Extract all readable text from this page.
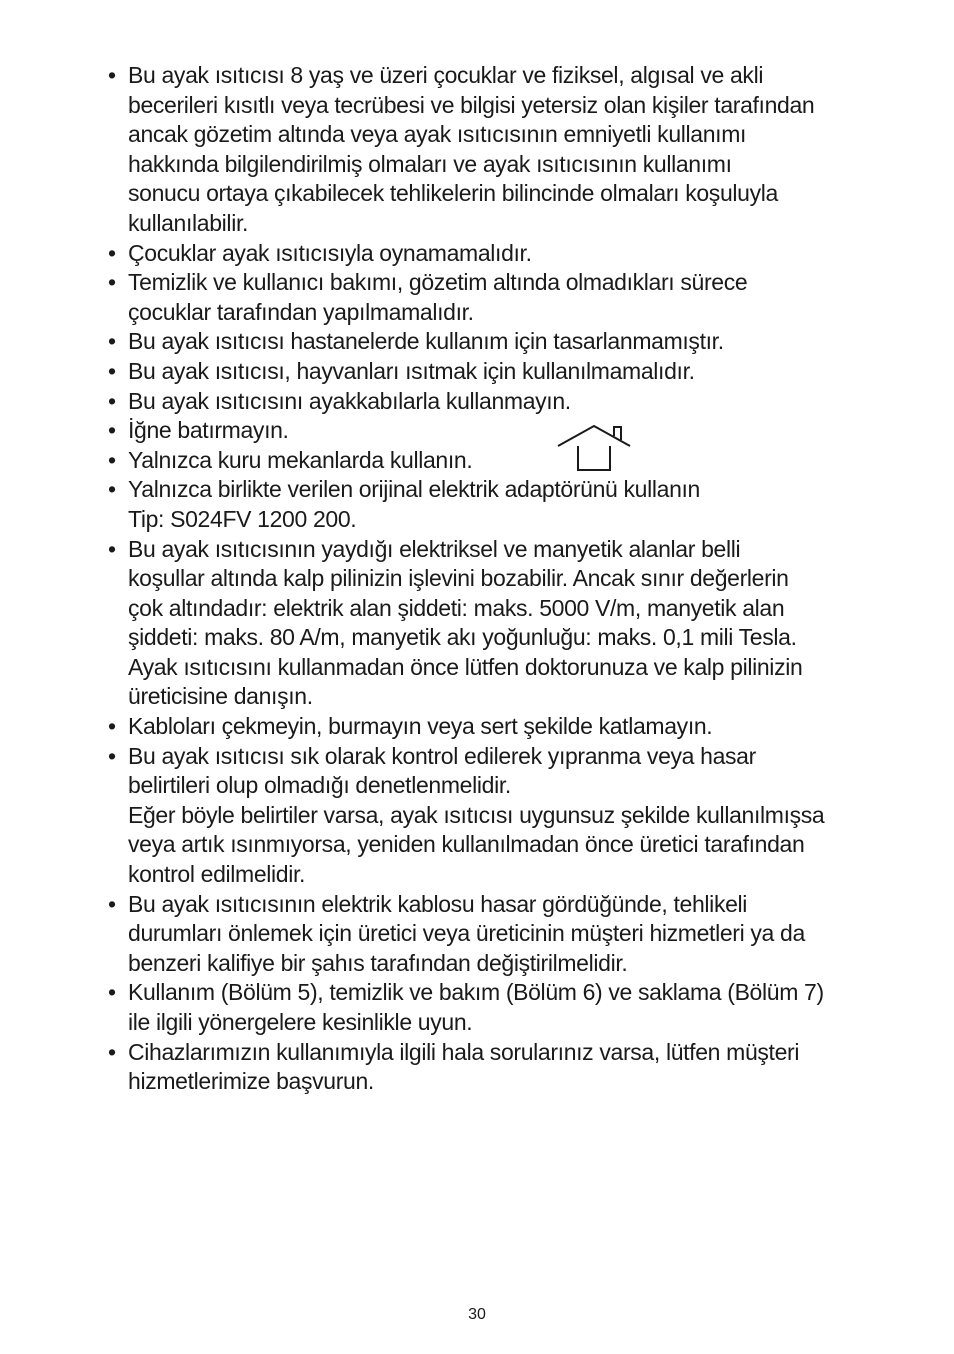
• Bu ayak ısıtıcısı 8 yaş ve üzeri çocuklar ve fiziksel, algısal ve akli
becerileri kısıtlı veya tecrübesi ve bilgisi yetersiz olan kişiler tarafından
ancak gözetim altında veya ayak ısıtıcısının emniyetli kullanımı
hakkında bilgilendirilmiş olmaları ve ayak ısıtıcısının kullanımı
sonucu ortaya çıkabilecek tehlikelerin bilincinde olmaları koşuluyla
kullanılabilir.
• Çocuklar ayak ısıtıcısıyla oynamamalıdır.
• Temizlik ve kullanıcı bakımı, gözetim altında olmadıkları sürece
çocuklar tarafından yapılmamalıdır.
• Bu ayak ısıtıcısı hastanelerde kullanım için tasarlanmamıştır.
• Bu ayak ısıtıcısı, hayvanları ısıtmak için kullanılmamalıdır.
• Bu ayak ısıtıcısını ayakkabılarla kullanmayın.
• İğne batırmayın.
• Yalnızca kuru mekanlarda kullanın.
• Yalnızca birlikte verilen orijinal elektrik adaptörünü kullanın
Tip: S024FV 1200 200.
• Bu ayak ısıtıcısının yaydığı elektriksel ve manyetik alanlar belli
koşullar altında kalp pilinizin işlevini bozabilir. Ancak sınır değerlerin
çok altındadır: elektrik alan şiddeti: maks. 5000 V/m, manyetik alan
şiddeti: maks. 80 A/m, manyetik akı yoğunluğu: maks. 0,1 mili Tesla.
Ayak ısıtıcısını kullanmadan önce lütfen doktorunuza ve kalp pilinizin
üreticisine danışın.
• Kabloları çekmeyin, burmayın veya sert şekilde katlamayın.
• Bu ayak ısıtıcısı sık olarak kontrol edilerek yıpranma veya hasar
belirtileri olup olmadığı denetlenmelidir.
Eğer böyle belirtiler varsa, ayak ısıtıcısı uygunsuz şekilde kullanılmışsa
veya artık ısınmıyorsa, yeniden kullanılmadan önce üretici tarafından
kontrol edilmelidir.
• Bu ayak ısıtıcısının elektrik kablosu hasar gördüğünde, tehlikeli
durumları önlemek için üretici veya üreticinin müşteri hizmetleri ya da
benzeri kalifiye bir şahıs tarafından değiştirilmelidir.
• Kullanım (Bölüm 5), temizlik ve bakım (Bölüm 6) ve saklama (Bölüm 7)
ile ilgili yönergelere kesinlikle uyun.
• Cihazlarımızın kullanımıyla ilgili hala sorularınız varsa, lütfen müşteri
hizmetlerimize başvurun.
30
